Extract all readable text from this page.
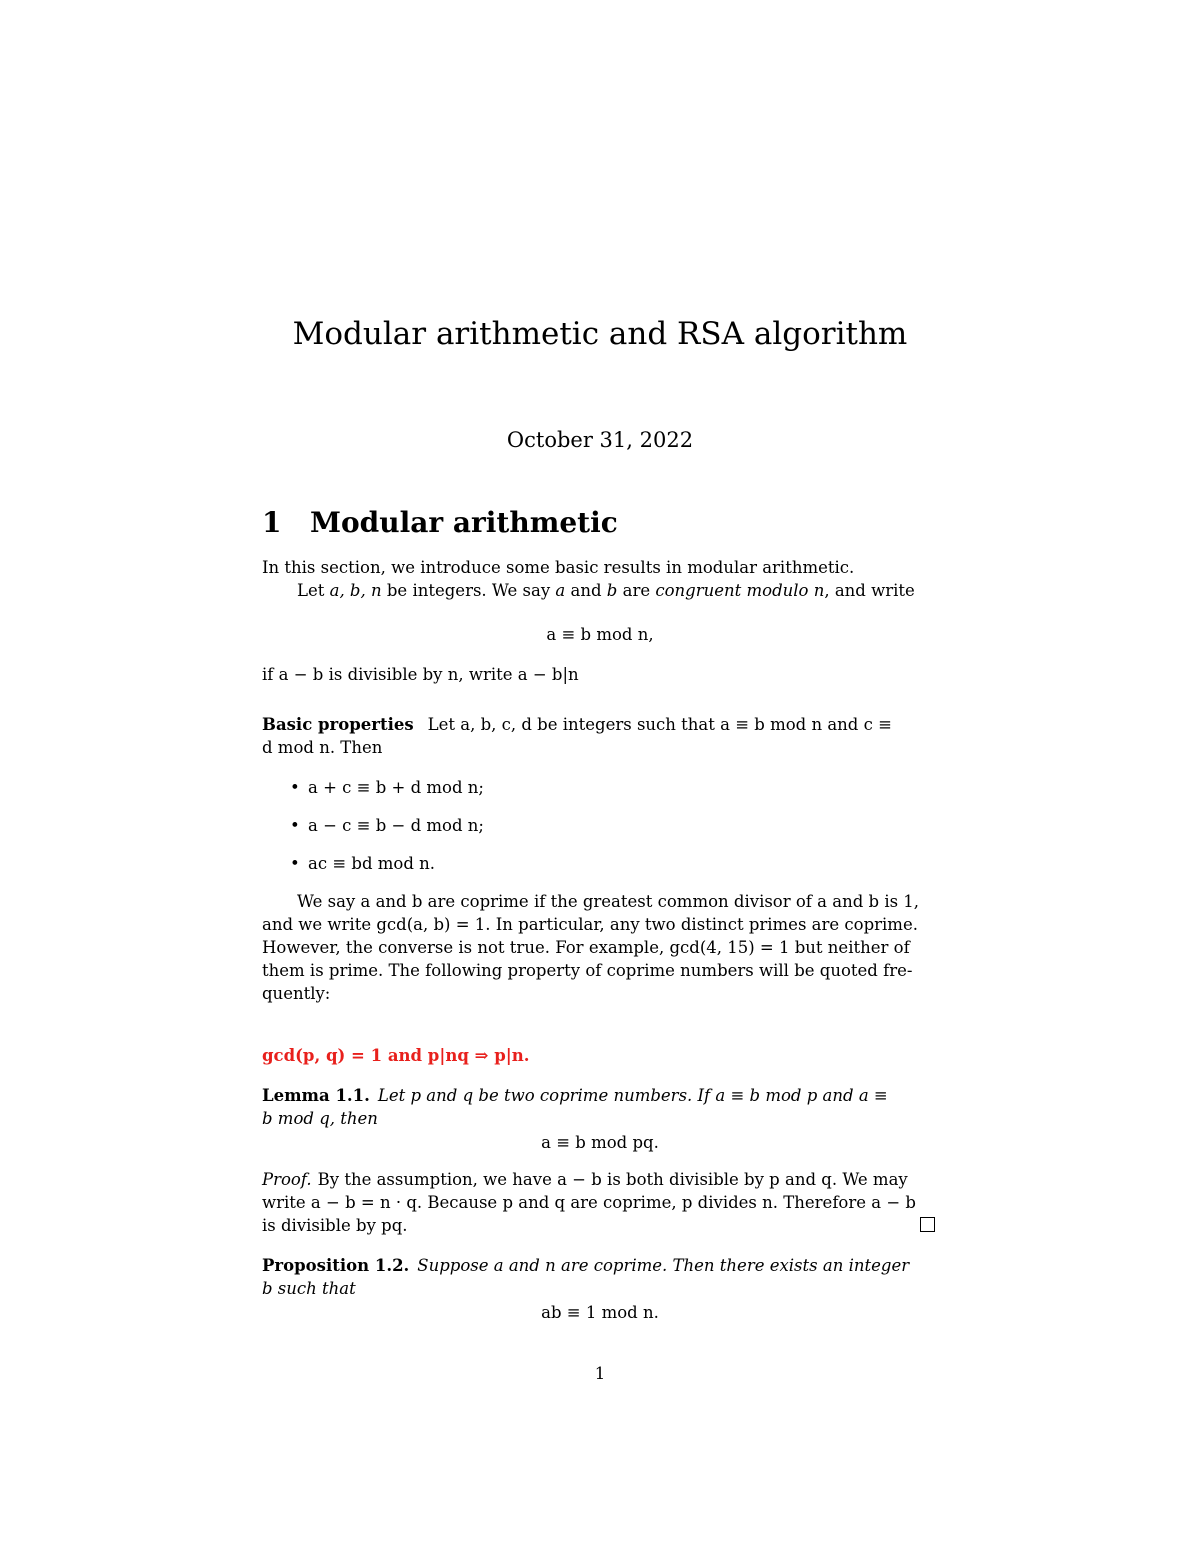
Modular arithmetic and RSA algorithm
October 31, 2022
1 Modular arithmetic
In this section, we introduce some basic results in modular arithmetic.
Let a, b, n be integers. We say a and b are congruent modulo n, and write
a ≡ b mod n,
if a − b is divisible by n, write a − b|n
Basic properties Let a, b, c, d be integers such that a ≡ b mod n and c ≡
d mod n. Then
• a + c ≡ b + d mod n;
• a − c ≡ b − d mod n;
• ac ≡ bd mod n.
We say a and b are coprime if the greatest common divisor of a and b is 1,
and we write gcd(a, b) = 1. In particular, any two distinct primes are coprime.
However, the converse is not true. For example, gcd(4, 15) = 1 but neither of
them is prime. The following property of coprime numbers will be quoted fre-
quently:
gcd(p, q) = 1 and p|nq ⇒ p|n.
Lemma 1.1. Let p and q be two coprime numbers. If a ≡ b mod p and a ≡
b mod q, then
a ≡ b mod pq.
Proof. By the assumption, we have a − b is both divisible by p and q. We may
write a − b = n · q. Because p and q are coprime, p divides n. Therefore a − b
is divisible by pq.
Proposition 1.2. Suppose a and n are coprime. Then there exists an integer
b such that
ab ≡ 1 mod n.
1
